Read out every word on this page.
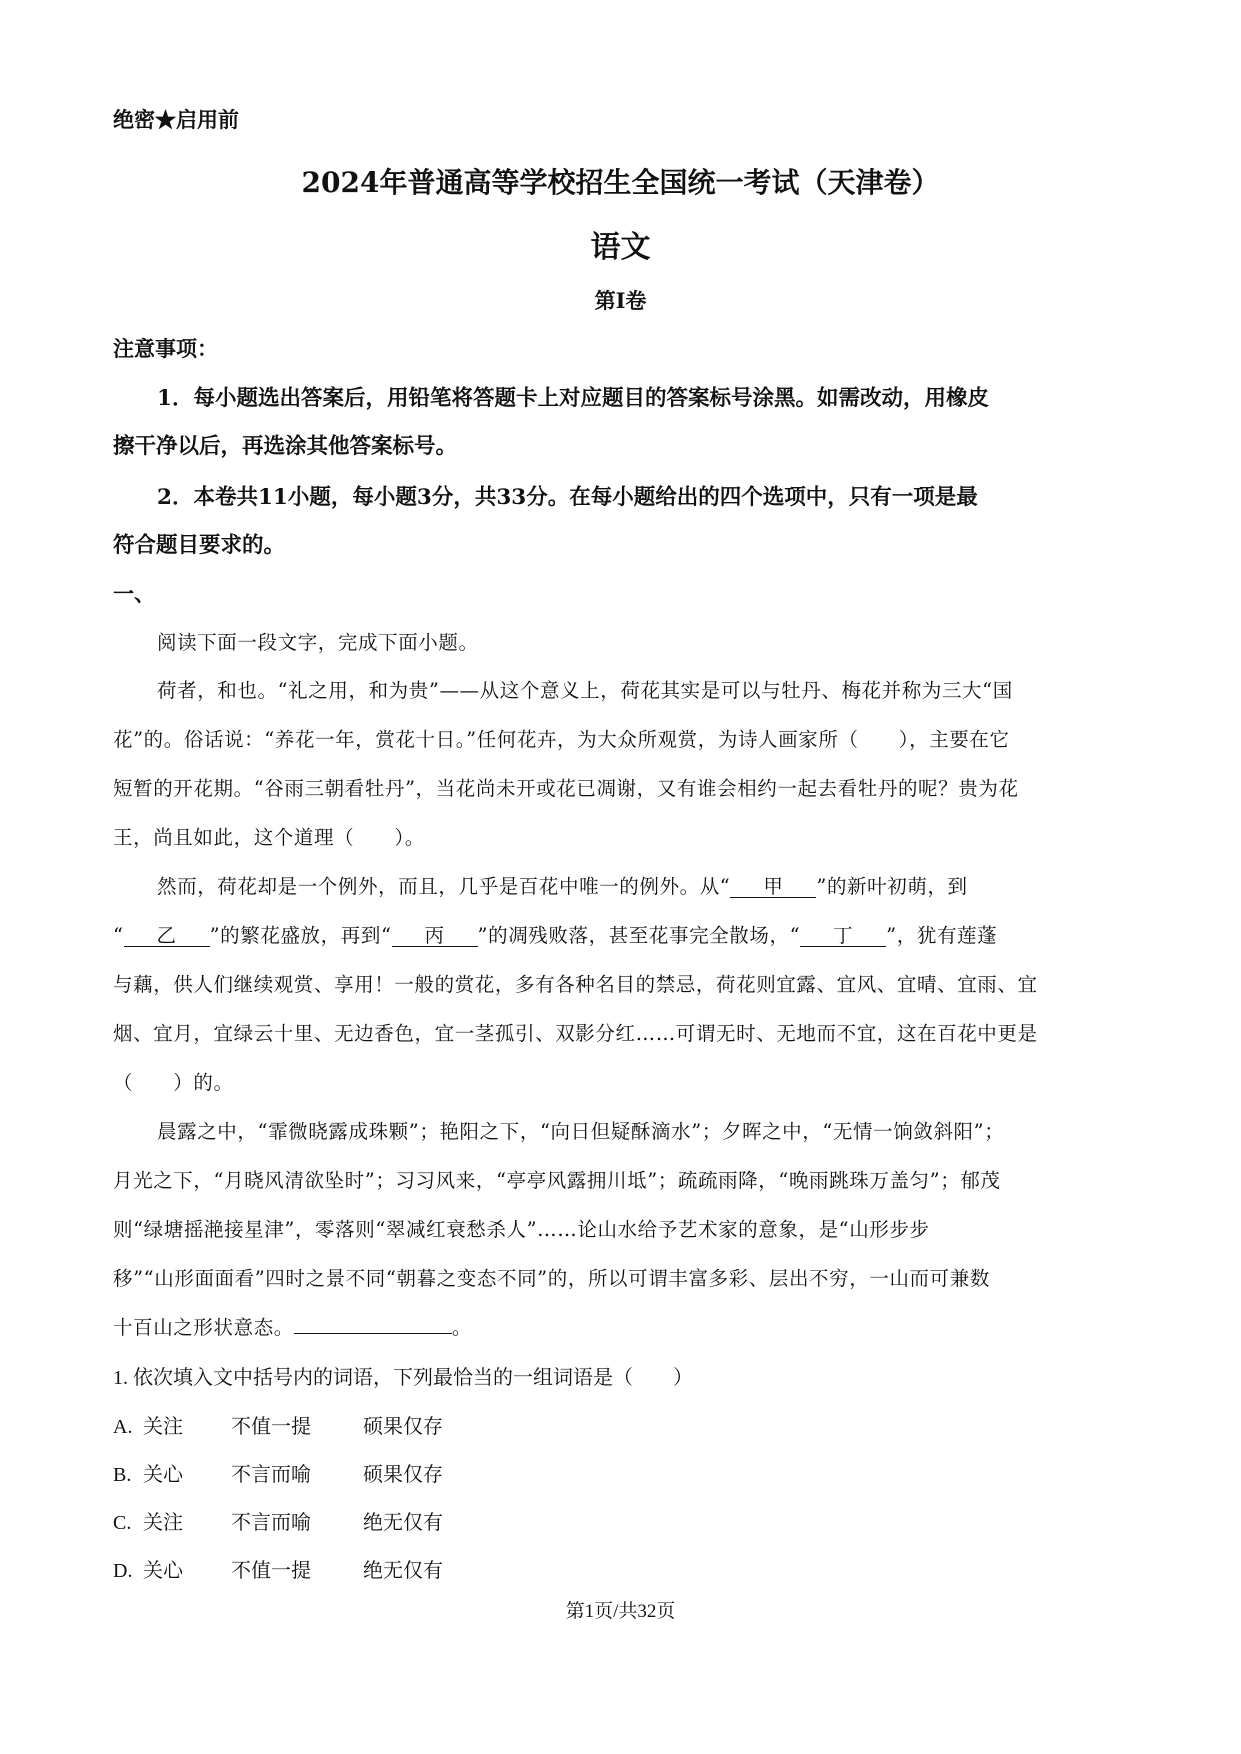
绝密★启用前
2024年普通高等学校招生全国统一考试（天津卷）
语文
第Ⅰ卷
注意事项：
1．每小题选出答案后，用铅笔将答题卡上对应题目的答案标号涂黑。如需改动，用橡皮
擦干净以后，再选涂其他答案标号。
2．本卷共11小题，每小题3分，共33分。在每小题给出的四个选项中，只有一项是最
符合题目要求的。
一、
阅读下面一段文字，完成下面小题。
荷者，和也。“礼之用，和为贵”——从这个意义上，荷花其实是可以与牡丹、梅花并称为三大“国
花”的。俗话说：“养花一年，赏花十日。”任何花卉，为大众所观赏，为诗人画家所（　　），主要在它
短暂的开花期。“谷雨三朝看牡丹”，当花尚未开或花已凋谢，又有谁会相约一起去看牡丹的呢？贵为花
王，尚且如此，这个道理（　　）。
然而，荷花却是一个例外，而且，几乎是百花中唯一的例外。从“ 甲 ”的新叶初萌，到
“ 乙 ”的繁花盛放，再到“ 丙 ”的凋残败落，甚至花事完全散场，“ 丁 ”，犹有莲蓬
与藕，供人们继续观赏、享用！一般的赏花，多有各种名目的禁忌，荷花则宜露、宜风、宜晴、宜雨、宜
烟、宜月，宜绿云十里、无边香色，宜一茎孤引、双影分红……可谓无时、无地而不宜，这在百花中更是
（　　）的。
晨露之中，“霏微晓露成珠颗”；艳阳之下，“向日但疑酥滴水”；夕晖之中，“无情一饷敛斜阳”；
月光之下，“月晓风清欲坠时”；习习风来，“亭亭风露拥川坻”；疏疏雨降，“晚雨跳珠万盖匀”；郁茂
则“绿塘摇滟接星津”，零落则“翠减红衰愁杀人”……论山水给予艺术家的意象，是“山形步步
移”“山形面面看”四时之景不同“朝暮之变态不同”的，所以可谓丰富多彩、层出不穷，一山而可兼数
十百山之形状意态。	。
1. 依次填入文中括号内的词语，下列最恰当的一组词语是（　　）
A. 关注 不值一提	硕果仅存
B. 关心 不言而喻	硕果仅存
C. 关注 不言而喻	绝无仅有
D. 关心 不值一提	绝无仅有
第1页/共32页
